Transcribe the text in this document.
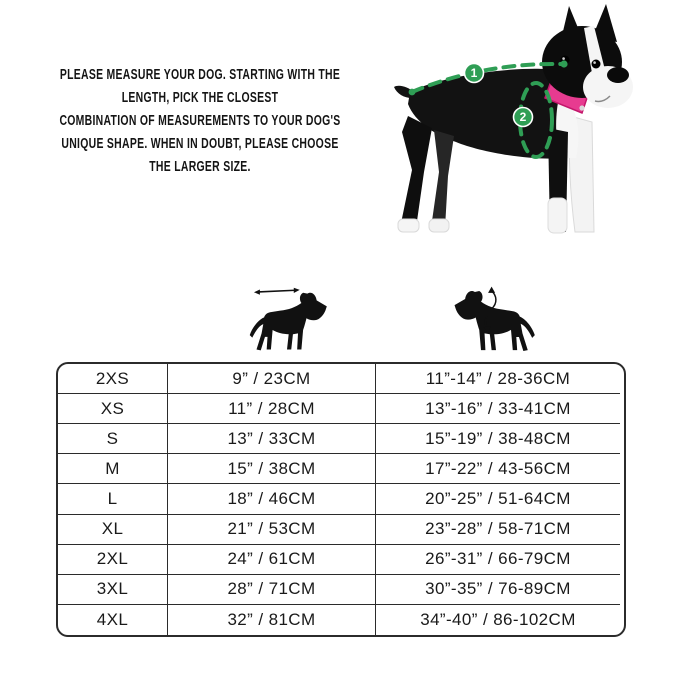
PLEASE MEASURE YOUR DOG. STARTING WITH THE
LENGTH, PICK THE CLOSEST
COMBINATION OF MEASUREMENTS TO YOUR DOG'S
UNIQUE SHAPE. WHEN IN DOUBT, PLEASE CHOOSE
THE LARGER SIZE.
1
2
2XS	9” / 23CM	11”-14” / 28-36CM
XS	11” / 28CM	13”-16” / 33-41CM
S	13” / 33CM	15”-19” / 38-48CM
M	15” / 38CM	17”-22” / 43-56CM
L	18” / 46CM	20”-25” / 51-64CM
XL	21” / 53CM	23”-28” / 58-71CM
2XL	24” / 61CM	26”-31” / 66-79CM
3XL	28” / 71CM	30”-35” / 76-89CM
4XL	32” / 81CM	34”-40” / 86-102CM
